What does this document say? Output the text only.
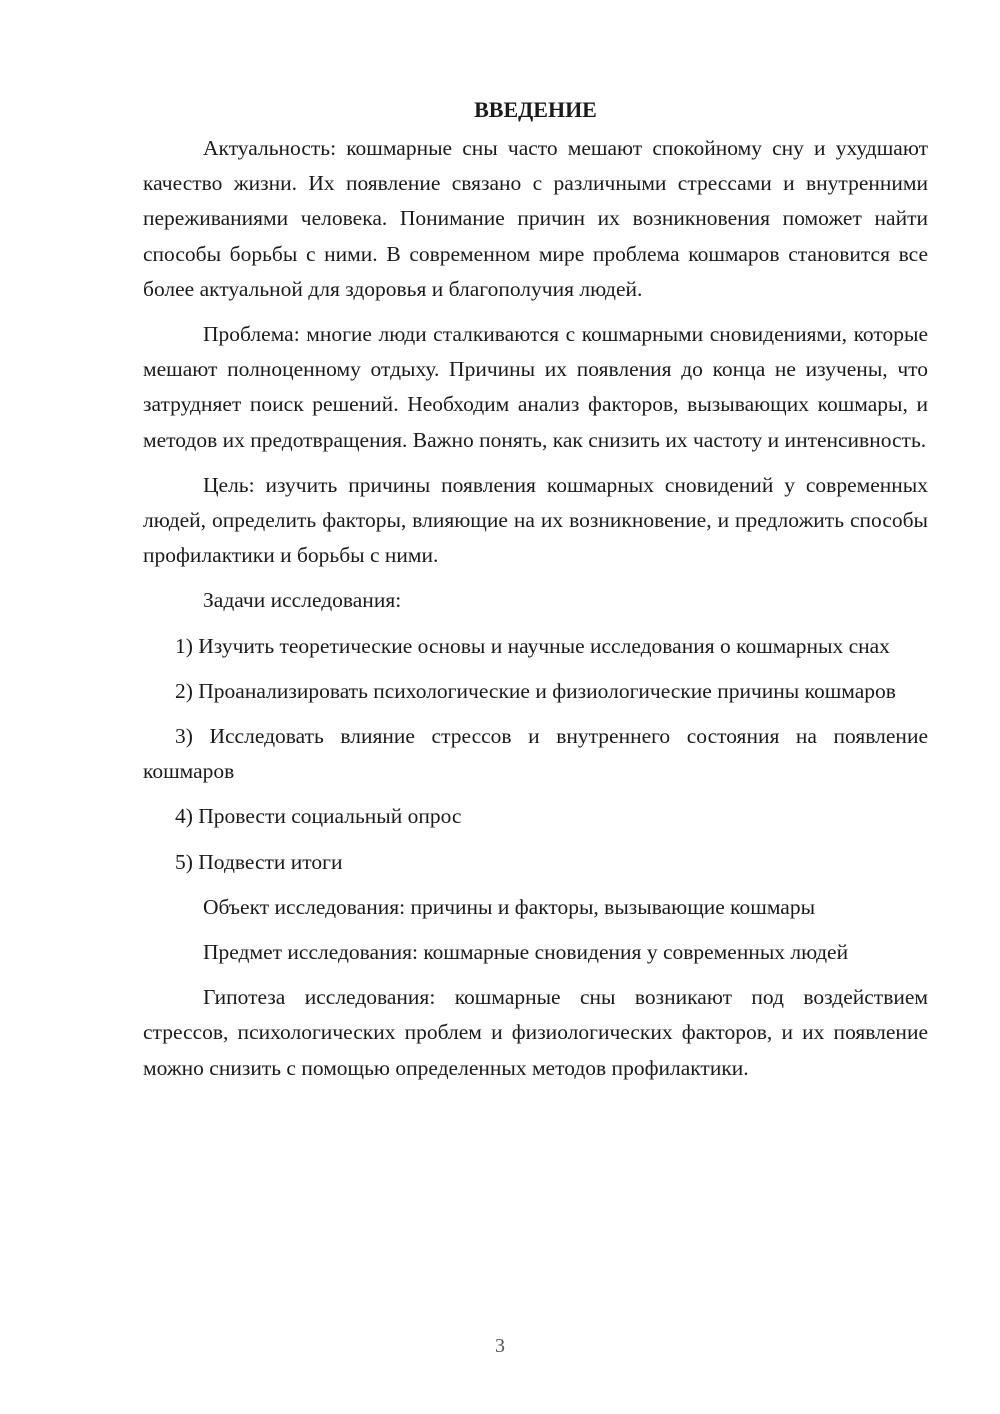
ВВЕДЕНИЕ

Актуальность: кошмарные сны часто мешают спокойному сну и ухудшают качество жизни. Их появление связано с различными стрессами и внутренними переживаниями человека. Понимание причин их возникновения поможет найти способы борьбы с ними. В современном мире проблема кошмаров становится все более актуальной для здоровья и благополучия людей.

Проблема: многие люди сталкиваются с кошмарными сновидениями, которые мешают полноценному отдыху. Причины их появления до конца не изучены, что затрудняет поиск решений. Необходим анализ факторов, вызывающих кошмары, и методов их предотвращения. Важно понять, как снизить их частоту и интенсивность.

Цель: изучить причины появления кошмарных сновидений у современных людей, определить факторы, влияющие на их возникновение, и предложить способы профилактики и борьбы с ними.

Задачи исследования:

1) Изучить теоретические основы и научные исследования о кошмарных снах

2) Проанализировать психологические и физиологические причины кошмаров

3) Исследовать влияние стрессов и внутреннего состояния на появление кошмаров

4) Провести социальный опрос

5) Подвести итоги

Объект исследования: причины и факторы, вызывающие кошмары

Предмет исследования: кошмарные сновидения у современных людей

Гипотеза исследования: кошмарные сны возникают под воздействием стрессов, психологических проблем и физиологических факторов, и их появление можно снизить с помощью определенных методов профилактики.

3
